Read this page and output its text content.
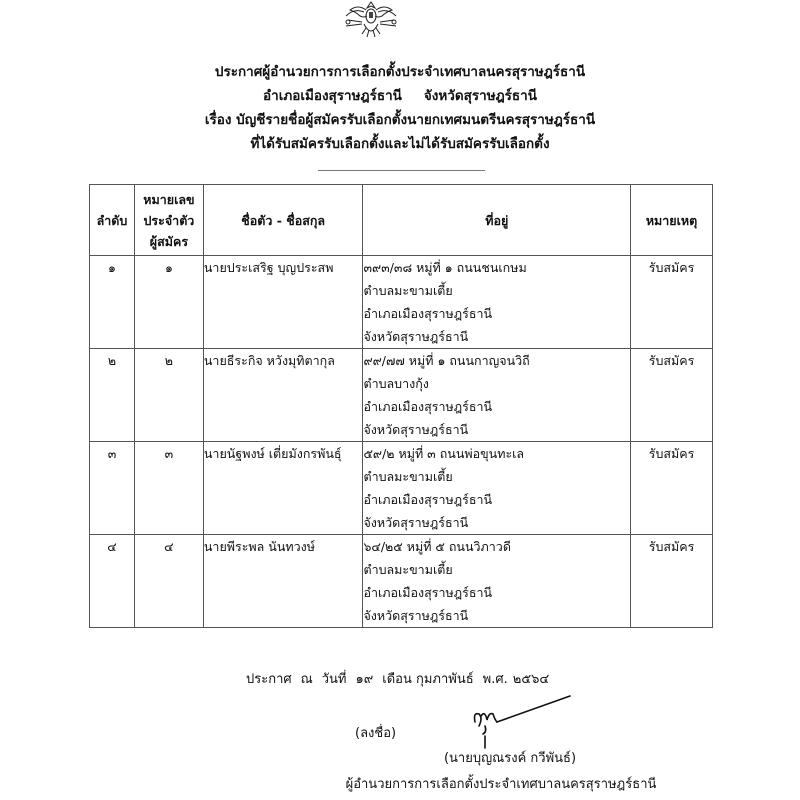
ประกาศผู้อำนวยการการเลือกตั้งประจำเทศบาลนครสุราษฎร์ธานี
อำเภอเมืองสุราษฎร์ธานี จังหวัดสุราษฎร์ธานี
เรื่อง บัญชีรายชื่อผู้สมัครรับเลือกตั้งนายกเทศมนตรีนครสุราษฎร์ธานี
ที่ได้รับสมัครรับเลือกตั้งและไม่ได้รับสมัครรับเลือกตั้ง
ลำดับ	หมายเลข
ประจำตัว
ผู้สมัคร	ชื่อตัว - ชื่อสกุล	ที่อยู่	หมายเหตุ
๑	๑	นายประเสริฐ บุญประสพ	๓๙๓/๓๘ หมู่ที่ ๑ ถนนชนเกษม
ตำบลมะขามเตี้ย
อำเภอเมืองสุราษฎร์ธานี
จังหวัดสุราษฎร์ธานี	รับสมัคร
๒	๒	นายธีระกิจ หวังมุทิตากุล	๙๙/๗๗ หมู่ที่ ๑ ถนนกาญจนวิถี
ตำบลบางกุ้ง
อำเภอเมืองสุราษฎร์ธานี
จังหวัดสุราษฎร์ธานี	รับสมัคร
๓	๓	นายนัฐพงษ์ เตี่ยมังกรพันธุ์	๕๙/๒ หมู่ที่ ๓ ถนนพ่อขุนทะเล
ตำบลมะขามเตี้ย
อำเภอเมืองสุราษฎร์ธานี
จังหวัดสุราษฎร์ธานี	รับสมัคร
๔	๔	นายพีระพล นันทวงษ์	๖๔/๒๕ หมู่ที่ ๕ ถนนวิภาวดี
ตำบลมะขามเตี้ย
อำเภอเมืองสุราษฎร์ธานี
จังหวัดสุราษฎร์ธานี	รับสมัคร
ประกาศ ณ วันที่ ๑๙ เดือน กุมภาพันธ์ พ.ศ. ๒๕๖๔
(ลงชื่อ)
(นายบุญณรงค์ กวีพันธ์)
ผู้อำนวยการการเลือกตั้งประจำเทศบาลนครสุราษฎร์ธานี
